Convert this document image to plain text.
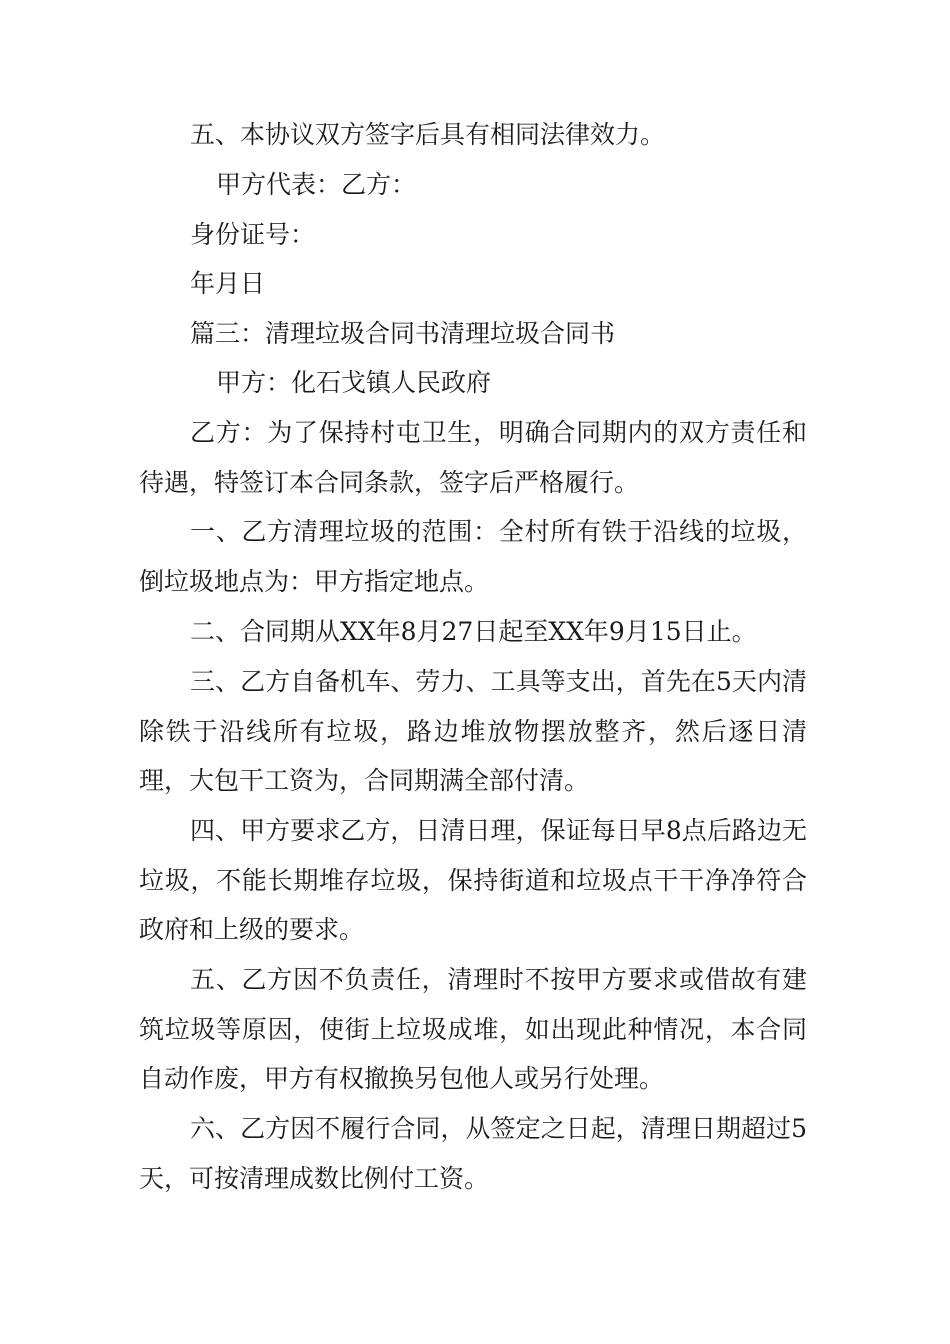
五、本协议双方签字后具有相同法律效力。

甲方代表：乙方：

身份证号：

年月日

篇三：清理垃圾合同书清理垃圾合同书

甲方：化石戈镇人民政府

乙方：为了保持村屯卫生，明确合同期内的双方责任和待遇，特签订本合同条款，签字后严格履行。

一、乙方清理垃圾的范围：全村所有铁于沿线的垃圾，倒垃圾地点为：甲方指定地点。

二、合同期从XX年8月27日起至XX年9月15日止。

三、乙方自备机车、劳力、工具等支出，首先在5天内清除铁于沿线所有垃圾，路边堆放物摆放整齐，然后逐日清理，大包干工资为，合同期满全部付清。

四、甲方要求乙方，日清日理，保证每日早8点后路边无垃圾，不能长期堆存垃圾，保持街道和垃圾点干干净净符合政府和上级的要求。

五、乙方因不负责任，清理时不按甲方要求或借故有建筑垃圾等原因，使街上垃圾成堆，如出现此种情况，本合同自动作废，甲方有权撤换另包他人或另行处理。

六、乙方因不履行合同，从签定之日起，清理日期超过5天，可按清理成数比例付工资。
